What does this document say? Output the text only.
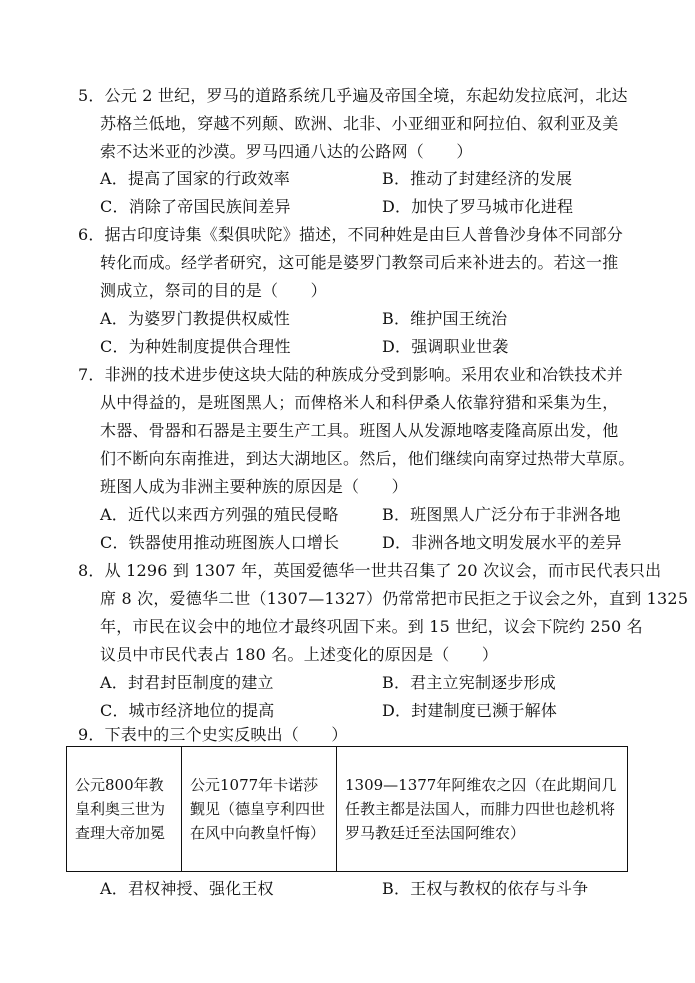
5．公元 2 世纪，罗马的道路系统几乎遍及帝国全境，东起幼发拉底河，北达
苏格兰低地，穿越不列颠、欧洲、北非、小亚细亚和阿拉伯、叙利亚及美
索不达米亚的沙漠。罗马四通八达的公路网（　　）
A．提高了国家的行政效率	B．推动了封建经济的发展
C．消除了帝国民族间差异	D．加快了罗马城市化进程
6．据古印度诗集《梨俱吠陀》描述，不同种姓是由巨人普鲁沙身体不同部分
转化而成。经学者研究，这可能是婆罗门教祭司后来补进去的。若这一推
测成立，祭司的目的是（　　）
A．为婆罗门教提供权威性	B．维护国王统治
C．为种姓制度提供合理性	D．强调职业世袭
7．非洲的技术进步使这块大陆的种族成分受到影响。采用农业和冶铁技术并
从中得益的，是班图黑人；而俾格米人和科伊桑人依靠狩猎和采集为生，
木器、骨器和石器是主要生产工具。班图人从发源地喀麦隆高原出发，他
们不断向东南推进，到达大湖地区。然后，他们继续向南穿过热带大草原。
班图人成为非洲主要种族的原因是（　　）
A．近代以来西方列强的殖民侵略	B．班图黑人广泛分布于非洲各地
C．铁器使用推动班图族人口增长	D．非洲各地文明发展水平的差异
8．从 1296 到 1307 年，英国爱德华一世共召集了 20 次议会，而市民代表只出
席 8 次，爱德华二世（1307—1327）仍常常把市民拒之于议会之外，直到 1325
年，市民在议会中的地位才最终巩固下来。到 15 世纪，议会下院约 250 名
议员中市民代表占 180 名。上述变化的原因是（　　）
A．封君封臣制度的建立	B．君主立宪制逐步形成
C．城市经济地位的提高	D．封建制度已濒于解体
9．下表中的三个史实反映出（　　）
公元800年教皇利奥三世为查理大帝加冕	公元1077年卡诺莎觐见（德皇亨利四世在风中向教皇忏悔）	1309—1377年阿维农之囚（在此期间几任教主都是法国人，而腓力四世也趁机将罗马教廷迁至法国阿维农）
A．君权神授、强化王权	B．王权与教权的依存与斗争
